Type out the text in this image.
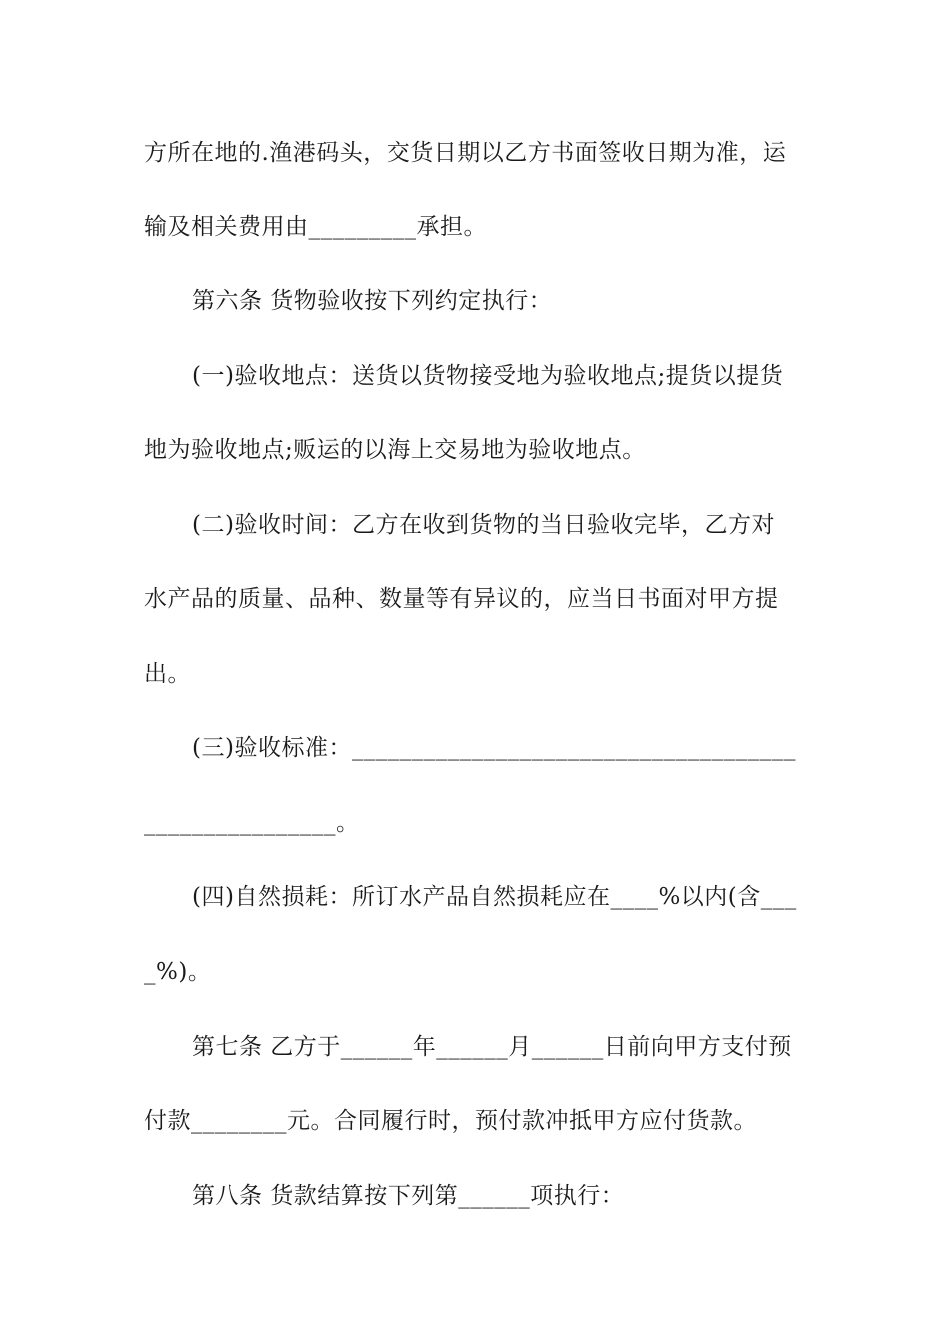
方所在地的.渔港码头，交货日期以乙方书面签收日期为准，运
输及相关费用由_________承担。
第六条 货物验收按下列约定执行：
(一)验收地点：送货以货物接受地为验收地点;提货以提货
地为验收地点;贩运的以海上交易地为验收地点。
(二)验收时间：乙方在收到货物的当日验收完毕，乙方对
水产品的质量、品种、数量等有异议的，应当日书面对甲方提
出。
(三)验收标准：_____________________________________
________________。
(四)自然损耗：所订水产品自然损耗应在____%以内(含___
_%)。
第七条 乙方于______年______月______日前向甲方支付预
付款________元。合同履行时，预付款冲抵甲方应付货款。
第八条 货款结算按下列第______项执行：
